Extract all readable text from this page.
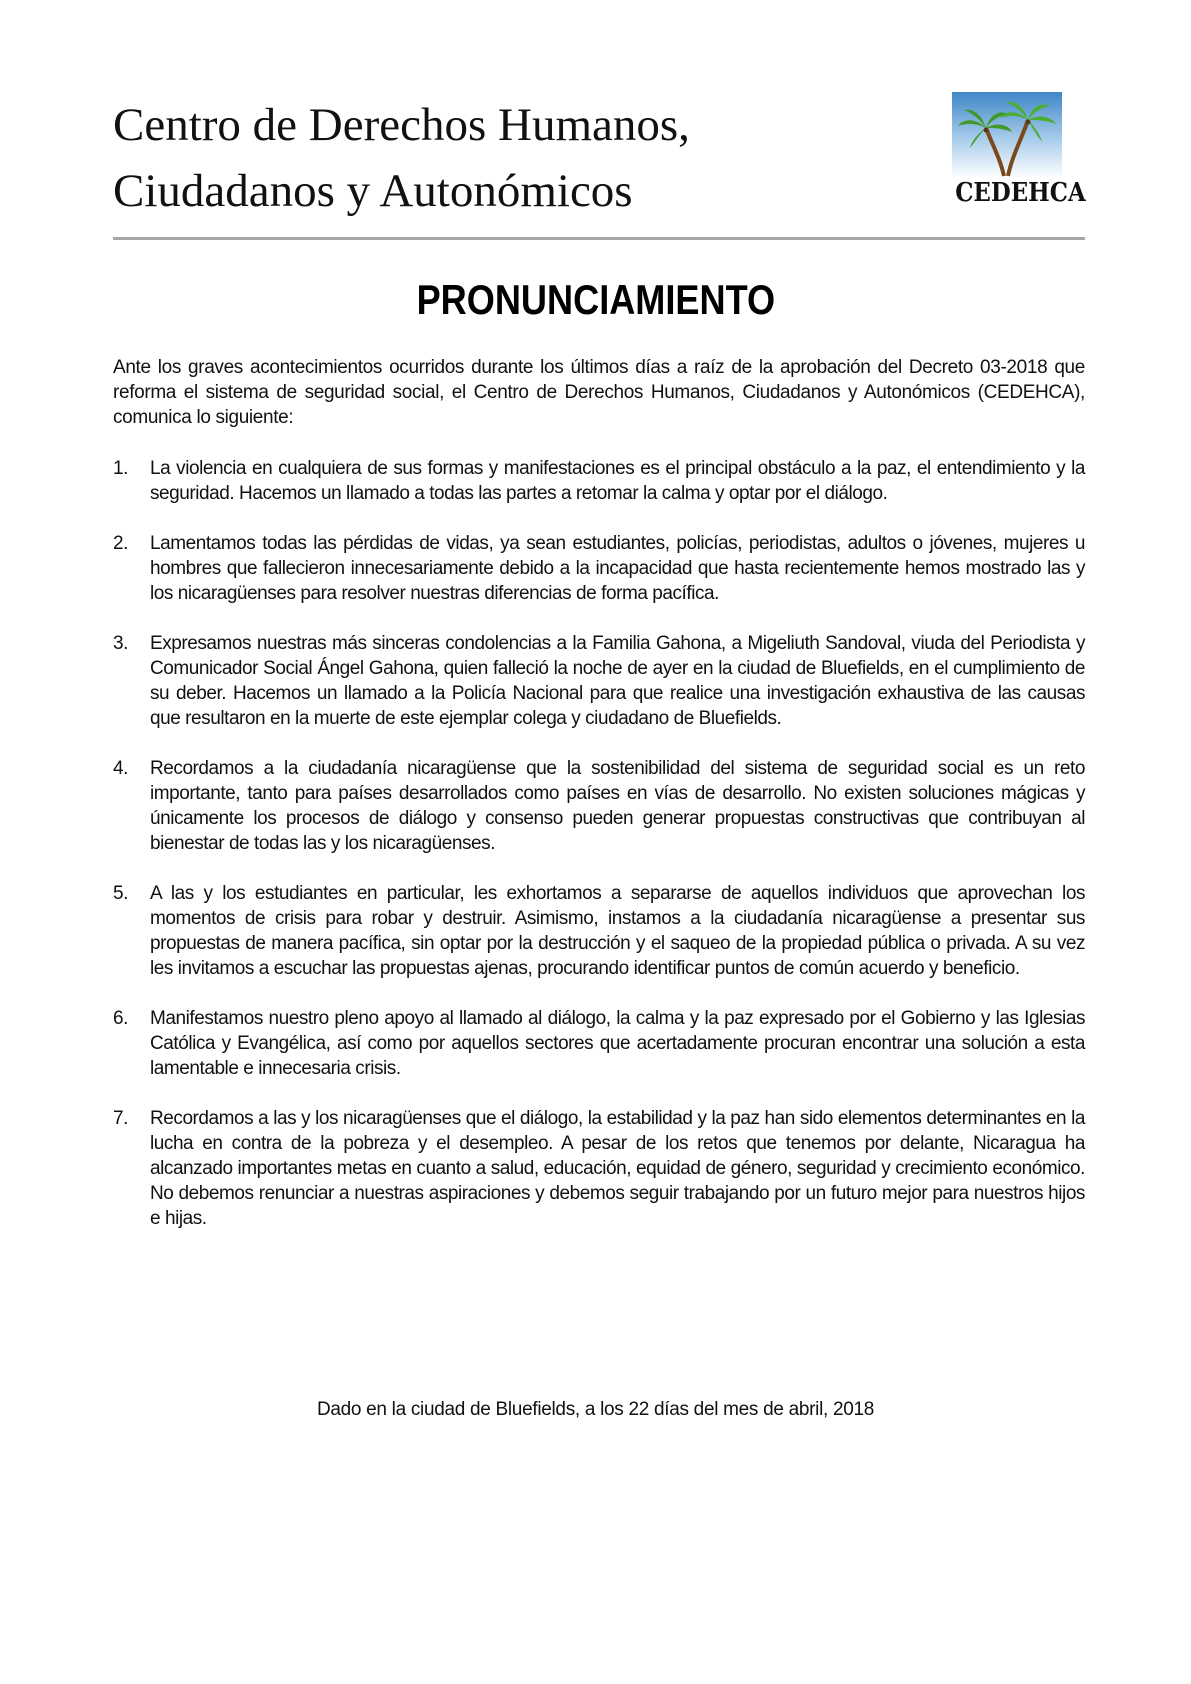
Centro de Derechos Humanos,
Ciudadanos y Autonómicos	CEDEHCA
PRONUNCIAMIENTO
Ante los graves acontecimientos ocurridos durante los últimos días a raíz de la aprobación del Decreto 03-2018 que reforma el sistema de seguridad social, el Centro de Derechos Humanos, Ciudadanos y Autonómicos (CEDEHCA), comunica lo siguiente:
1. La violencia en cualquiera de sus formas y manifestaciones es el principal obstáculo a la paz, el entendimiento y la seguridad. Hacemos un llamado a todas las partes a retomar la calma y optar por el diálogo.
2. Lamentamos todas las pérdidas de vidas, ya sean estudiantes, policías, periodistas, adultos o jóvenes, mujeres u hombres que fallecieron innecesariamente debido a la incapacidad que hasta recientemente hemos mostrado las y los nicaragüenses para resolver nuestras diferencias de forma pacífica.
3. Expresamos nuestras más sinceras condolencias a la Familia Gahona, a Migeliuth Sandoval, viuda del Periodista y Comunicador Social Ángel Gahona, quien falleció la noche de ayer en la ciudad de Bluefields, en el cumplimiento de su deber. Hacemos un llamado a la Policía Nacional para que realice una investigación exhaustiva de las causas que resultaron en la muerte de este ejemplar colega y ciudadano de Bluefields.
4. Recordamos a la ciudadanía nicaragüense que la sostenibilidad del sistema de seguridad social es un reto importante, tanto para países desarrollados como países en vías de desarrollo. No existen soluciones mágicas y únicamente los procesos de diálogo y consenso pueden generar propuestas constructivas que contribuyan al bienestar de todas las y los nicaragüenses.
5. A las y los estudiantes en particular, les exhortamos a separarse de aquellos individuos que aprovechan los momentos de crisis para robar y destruir. Asimismo, instamos a la ciudadanía nicaragüense a presentar sus propuestas de manera pacífica, sin optar por la destrucción y el saqueo de la propiedad pública o privada. A su vez les invitamos a escuchar las propuestas ajenas, procurando identificar puntos de común acuerdo y beneficio.
6. Manifestamos nuestro pleno apoyo al llamado al diálogo, la calma y la paz expresado por el Gobierno y las Iglesias Católica y Evangélica, así como por aquellos sectores que acertadamente procuran encontrar una solución a esta lamentable e innecesaria crisis.
7. Recordamos a las y los nicaragüenses que el diálogo, la estabilidad y la paz han sido elementos determinantes en la lucha en contra de la pobreza y el desempleo. A pesar de los retos que tenemos por delante, Nicaragua ha alcanzado importantes metas en cuanto a salud, educación, equidad de género, seguridad y crecimiento económico. No debemos renunciar a nuestras aspiraciones y debemos seguir trabajando por un futuro mejor para nuestros hijos e hijas.
Dado en la ciudad de Bluefields, a los 22 días del mes de abril, 2018
